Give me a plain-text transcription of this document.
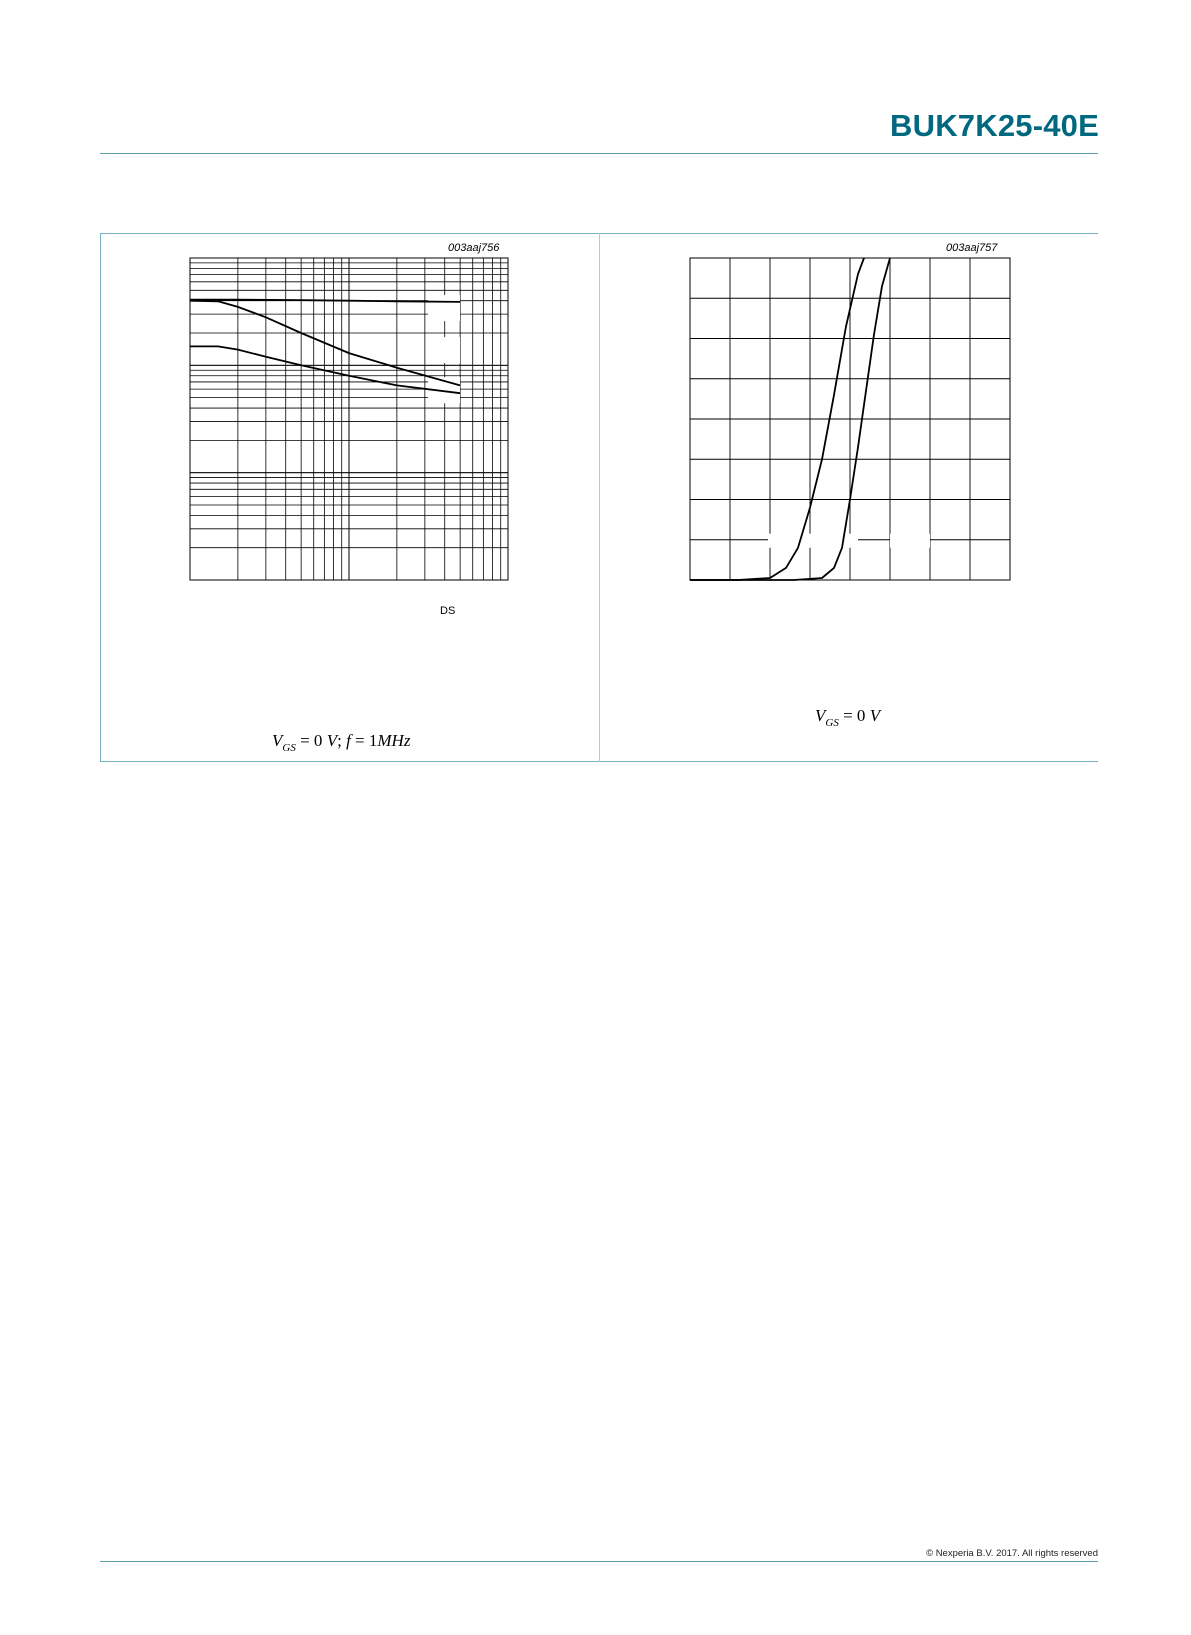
BUK7K25-40E
003aaj756
DS
$V_{GS} = 0$ V; f = 1MHz
003aaj757
$V_{GS} = 0$ V
© Nexperia B.V. 2017. All rights reserved
